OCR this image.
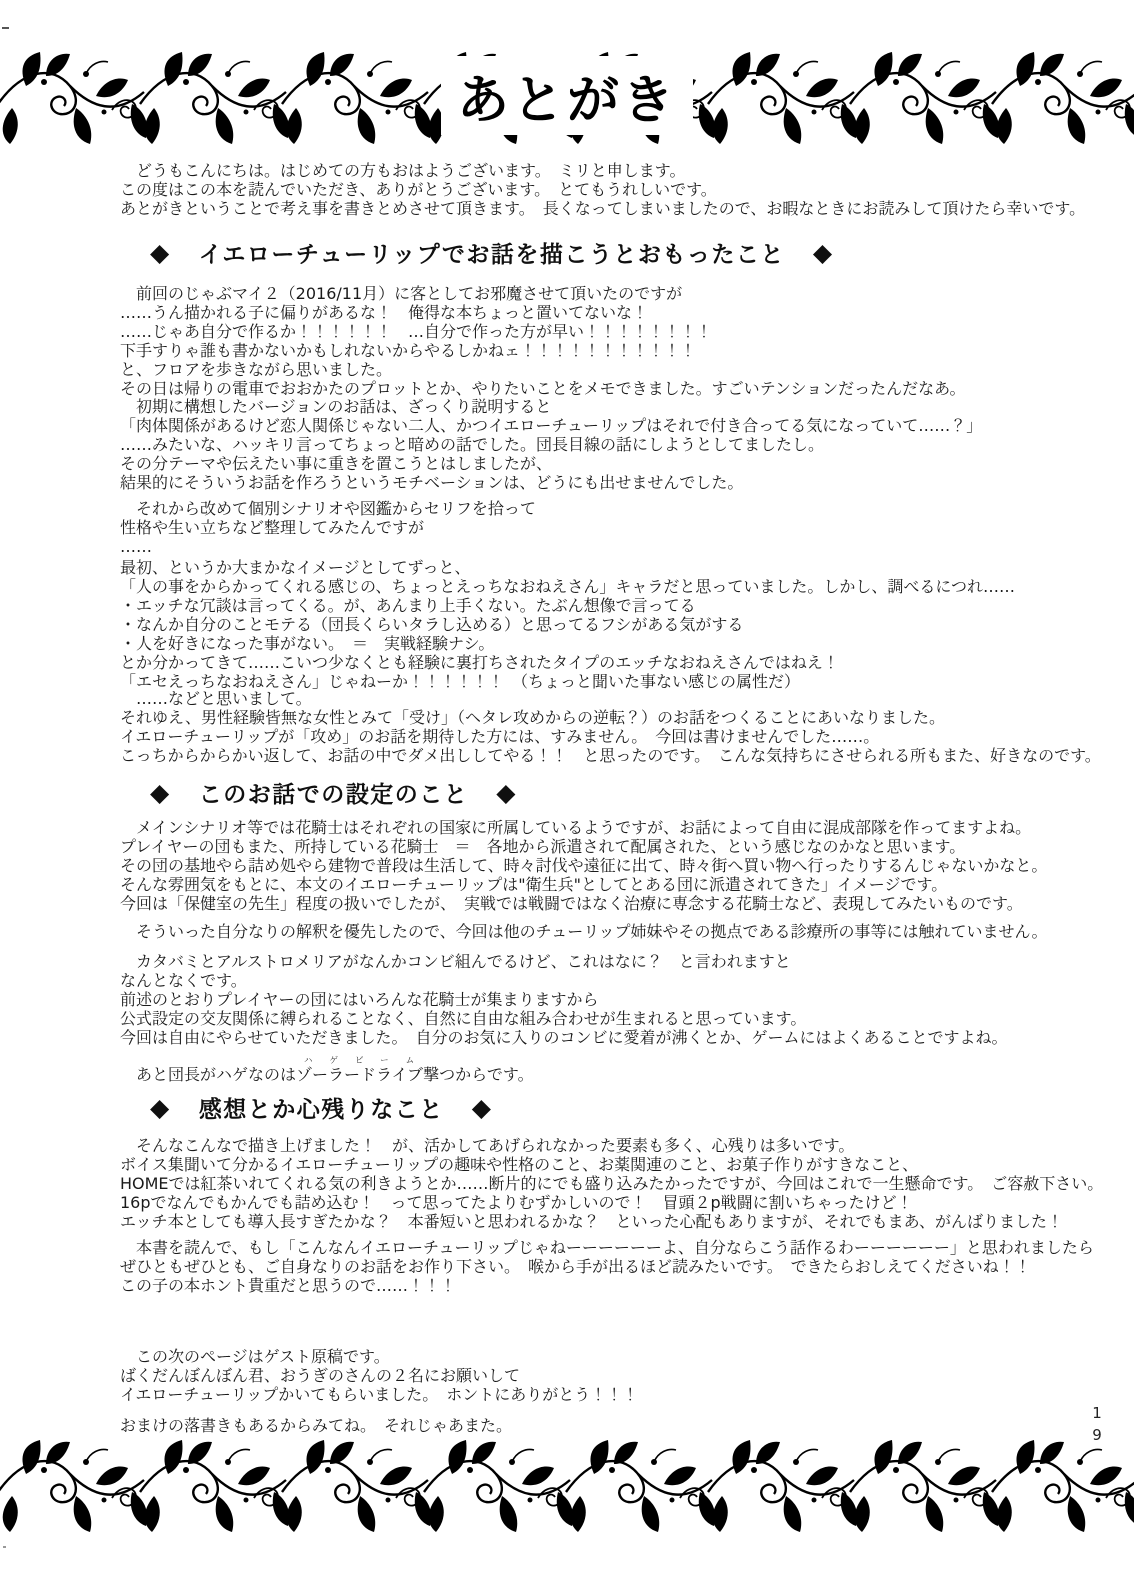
あとがき
　どうもこんにちは。はじめての方もおはようございます。　ミリと申します。
この度はこの本を読んでいただき、ありがとうございます。　とてもうれしいです。
あとがきということで考え事を書きとめさせて頂きます。　長くなってしまいましたので、お暇なときにお読みして頂けたら幸いです。
◆ イエローチューリップでお話を描こうとおもったこと ◆
　前回のじゃぶマイ２（2016/11月）に客としてお邪魔させて頂いたのですが
……うん描かれる子に偏りがあるな！　俺得な本ちょっと置いてないな！
……じゃあ自分で作るか！！！！！！　…自分で作った方が早い！！！！！！！！
下手すりゃ誰も書かないかもしれないからやるしかねェ！！！！！！！！！！！
と、フロアを歩きながら思いました。
その日は帰りの電車でおおかたのプロットとか、やりたいことをメモできました。すごいテンションだったんだなあ。
　初期に構想したバージョンのお話は、ざっくり説明すると
「肉体関係があるけど恋人関係じゃない二人、かつイエローチューリップはそれで付き合ってる気になっていて……？」
……みたいな、ハッキリ言ってちょっと暗めの話でした。団長目線の話にしようとしてましたし。
その分テーマや伝えたい事に重きを置こうとはしましたが、
結果的にそういうお話を作ろうというモチベーションは、どうにも出せませんでした。
　それから改めて個別シナリオや図鑑からセリフを拾って
性格や生い立ちなど整理してみたんですが
……
最初、というか大まかなイメージとしてずっと、
「人の事をからかってくれる感じの、ちょっとえっちなおねえさん」キャラだと思っていました。しかし、調べるにつれ……
・エッチな冗談は言ってくる。が、あんまり上手くない。たぶん想像で言ってる
・なんか自分のことモテる（団長くらいタラし込める）と思ってるフシがある気がする
・人を好きになった事がない。　＝　実戦経験ナシ。
とか分かってきて……こいつ少なくとも経験に裏打ちされたタイプのエッチなおねえさんではねえ！
「エセえっちなおねえさん」じゃねーか！！！！！！　（ちょっと聞いた事ない感じの属性だ）
　……などと思いまして。
それゆえ、男性経験皆無な女性とみて「受け」（ヘタレ攻めからの逆転？）のお話をつくることにあいなりました。
イエローチューリップが「攻め」のお話を期待した方には、すみません。　今回は書けませんでした……。
こっちからからかい返して、お話の中でダメ出ししてやる！！　と思ったのです。　こんな気持ちにさせられる所もまた、好きなのです。
◆ このお話での設定のこと ◆
　メインシナリオ等では花騎士はそれぞれの国家に所属しているようですが、お話によって自由に混成部隊を作ってますよね。
プレイヤーの団もまた、所持している花騎士　＝　各地から派遣されて配属された、という感じなのかなと思います。
その団の基地やら詰め処やら建物で普段は生活して、時々討伐や遠征に出て、時々街へ買い物へ行ったりするんじゃないかなと。
そんな雰囲気をもとに、本文のイエローチューリップは"衛生兵"としてとある団に派遣されてきた」イメージです。
今回は「保健室の先生」程度の扱いでしたが、　実戦では戦闘ではなく治療に専念する花騎士など、表現してみたいものです。
　そういった自分なりの解釈を優先したので、今回は他のチューリップ姉妹やその拠点である診療所の事等には触れていません。
　カタバミとアルストロメリアがなんかコンビ組んでるけど、これはなに？　と言われますと
なんとなくです。
前述のとおりプレイヤーの団にはいろんな花騎士が集まりますから
公式設定の交友関係に縛られることなく、自然に自由な組み合わせが生まれると思っています。
今回は自由にやらせていただきました。　自分のお気に入りのコンビに愛着が沸くとか、ゲームにはよくあることですよね。
　あと団長がハゲなのはゾーラードライブハゲビーム撃つからです。
◆ 感想とか心残りなこと ◆
　そんなこんなで描き上げました！　が、活かしてあげられなかった要素も多く、心残りは多いです。
ボイス集聞いて分かるイエローチューリップの趣味や性格のこと、お薬関連のこと、お菓子作りがすきなこと、
HOMEでは紅茶いれてくれる気の利きようとか……断片的にでも盛り込みたかったですが、今回はこれで一生懸命です。　ご容赦下さい。
16pでなんでもかんでも詰め込む！　って思ってたよりむずかしいので！　冒頭２p戦闘に割いちゃったけど！
エッチ本としても導入長すぎたかな？　本番短いと思われるかな？　といった心配もありますが、それでもまあ、がんばりました！
　本書を読んで、もし「こんなんイエローチューリップじゃねーーーーーーよ、自分ならこう話作るわーーーーーー」と思われましたら
ぜひともぜひとも、ご自身なりのお話をお作り下さい。　喉から手が出るほど読みたいです。　できたらおしえてくださいね！！
この子の本ホント貴重だと思うので……！！！
　この次のページはゲスト原稿です。
ばくだんぼんぼん君、おうぎのさんの２名にお願いして
イエローチューリップかいてもらいました。　ホントにありがとう！！！
おまけの落書きもあるからみてね。　それじゃあまた。
1
9
